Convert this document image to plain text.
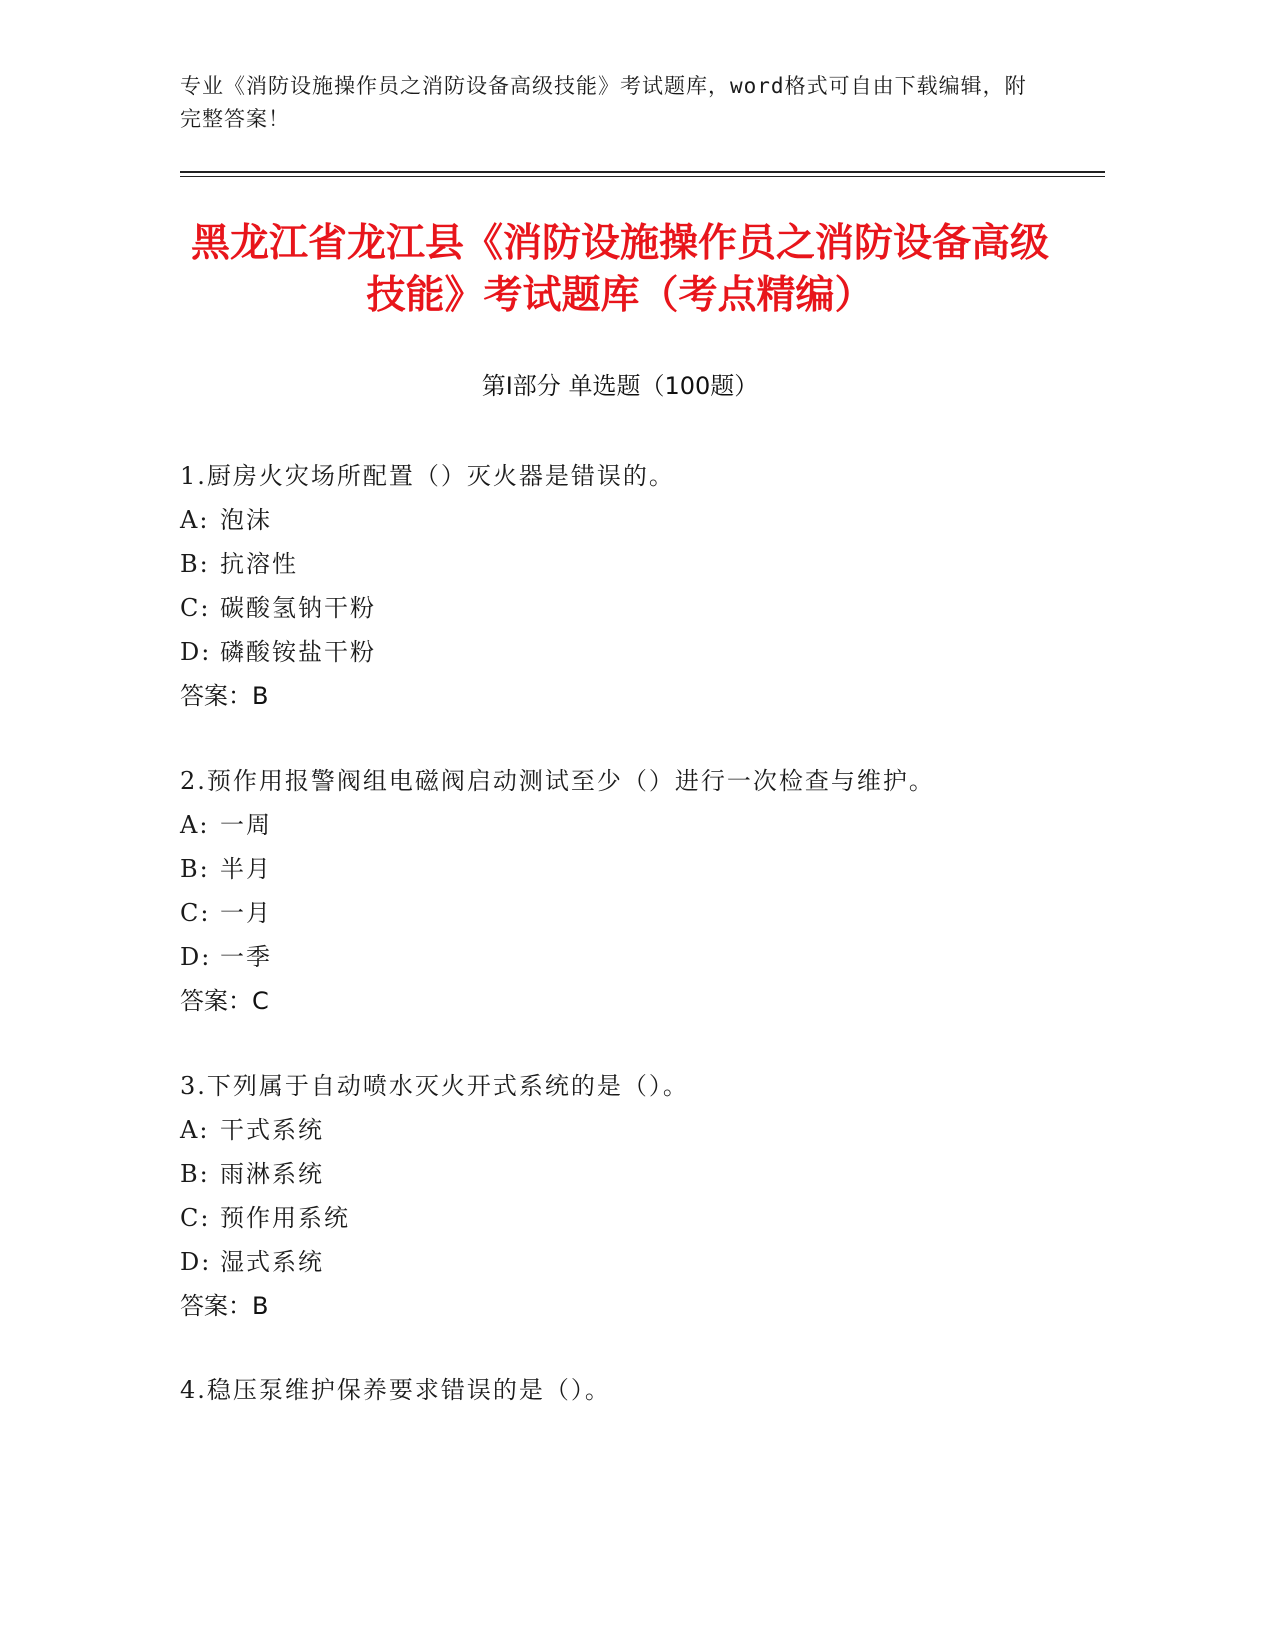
专业《消防设施操作员之消防设备高级技能》考试题库，word格式可自由下载编辑，附完整答案！
黑龙江省龙江县《消防设施操作员之消防设备高级技能》考试题库（考点精编）
第Ⅰ部分 单选题（100题）
1.厨房火灾场所配置（）灭火器是错误的。
A: 泡沫
B: 抗溶性
C: 碳酸氢钠干粉
D: 磷酸铵盐干粉
答案：B
2.预作用报警阀组电磁阀启动测试至少（）进行一次检查与维护。
A: 一周
B: 半月
C: 一月
D: 一季
答案：C
3.下列属于自动喷水灭火开式系统的是（）。
A: 干式系统
B: 雨淋系统
C: 预作用系统
D: 湿式系统
答案：B
4.稳压泵维护保养要求错误的是（）。
